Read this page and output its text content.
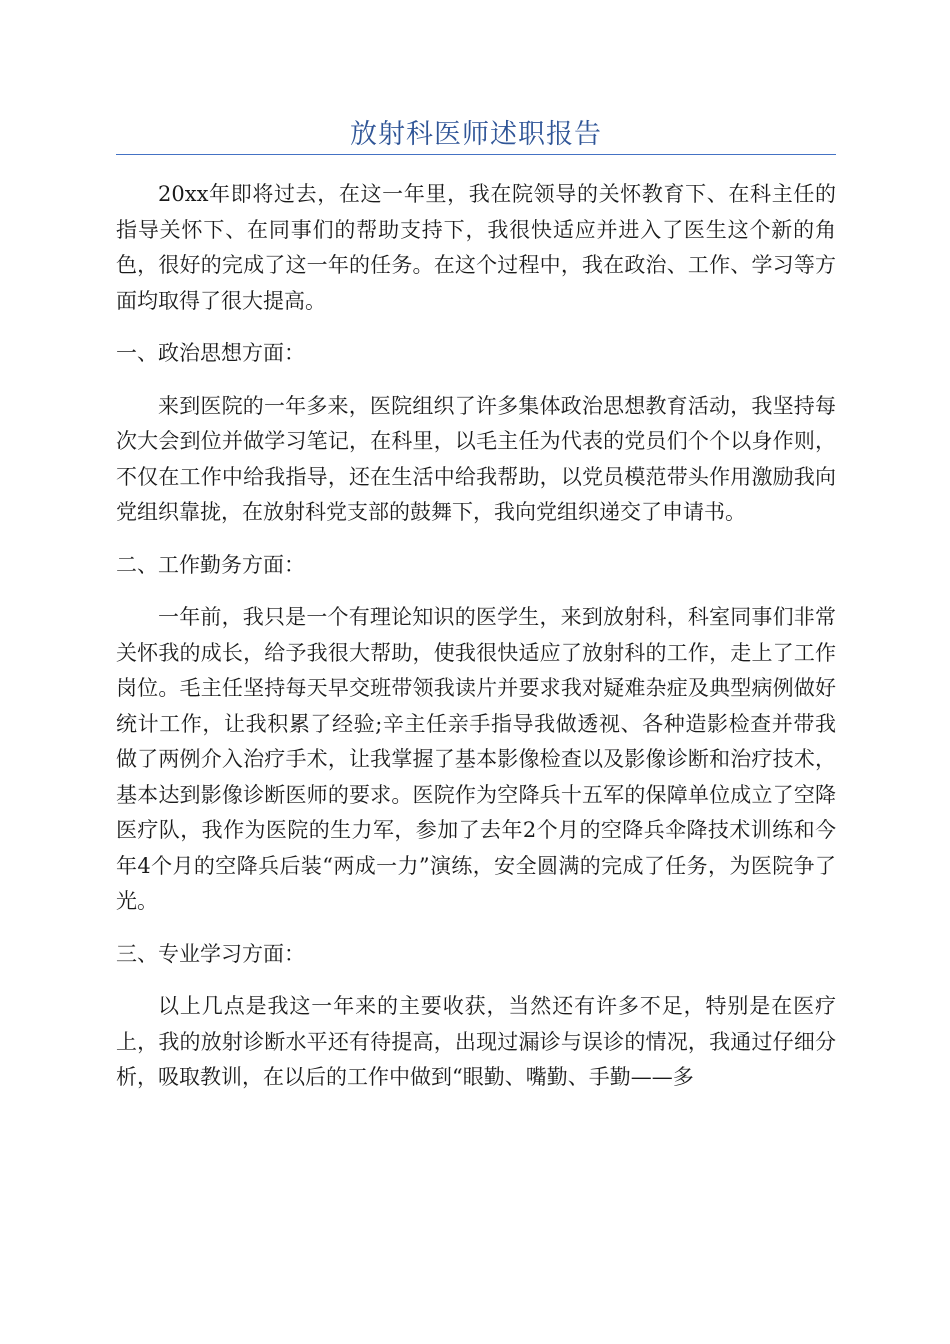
放射科医师述职报告

20xx年即将过去，在这一年里，我在院领导的关怀教育下、在科主任的指导关怀下、在同事们的帮助支持下，我很快适应并进入了医生这个新的角色，很好的完成了这一年的任务。在这个过程中，我在政治、工作、学习等方面均取得了很大提高。

一、政治思想方面：

来到医院的一年多来，医院组织了许多集体政治思想教育活动，我坚持每次大会到位并做学习笔记，在科里，以毛主任为代表的党员们个个以身作则，不仅在工作中给我指导，还在生活中给我帮助，以党员模范带头作用激励我向党组织靠拢，在放射科党支部的鼓舞下，我向党组织递交了申请书。

二、工作勤务方面：

一年前，我只是一个有理论知识的医学生，来到放射科，科室同事们非常关怀我的成长，给予我很大帮助，使我很快适应了放射科的工作，走上了工作岗位。毛主任坚持每天早交班带领我读片并要求我对疑难杂症及典型病例做好统计工作，让我积累了经验;辛主任亲手指导我做透视、各种造影检查并带我做了两例介入治疗手术，让我掌握了基本影像检查以及影像诊断和治疗技术，基本达到影像诊断医师的要求。医院作为空降兵十五军的保障单位成立了空降医疗队，我作为医院的生力军，参加了去年2个月的空降兵伞降技术训练和今年4个月的空降兵后装“两成一力”演练，安全圆满的完成了任务，为医院争了光。

三、专业学习方面：

以上几点是我这一年来的主要收获，当然还有许多不足，特别是在医疗上，我的放射诊断水平还有待提高，出现过漏诊与误诊的情况，我通过仔细分析，吸取教训，在以后的工作中做到“眼勤、嘴勤、手勤——多
